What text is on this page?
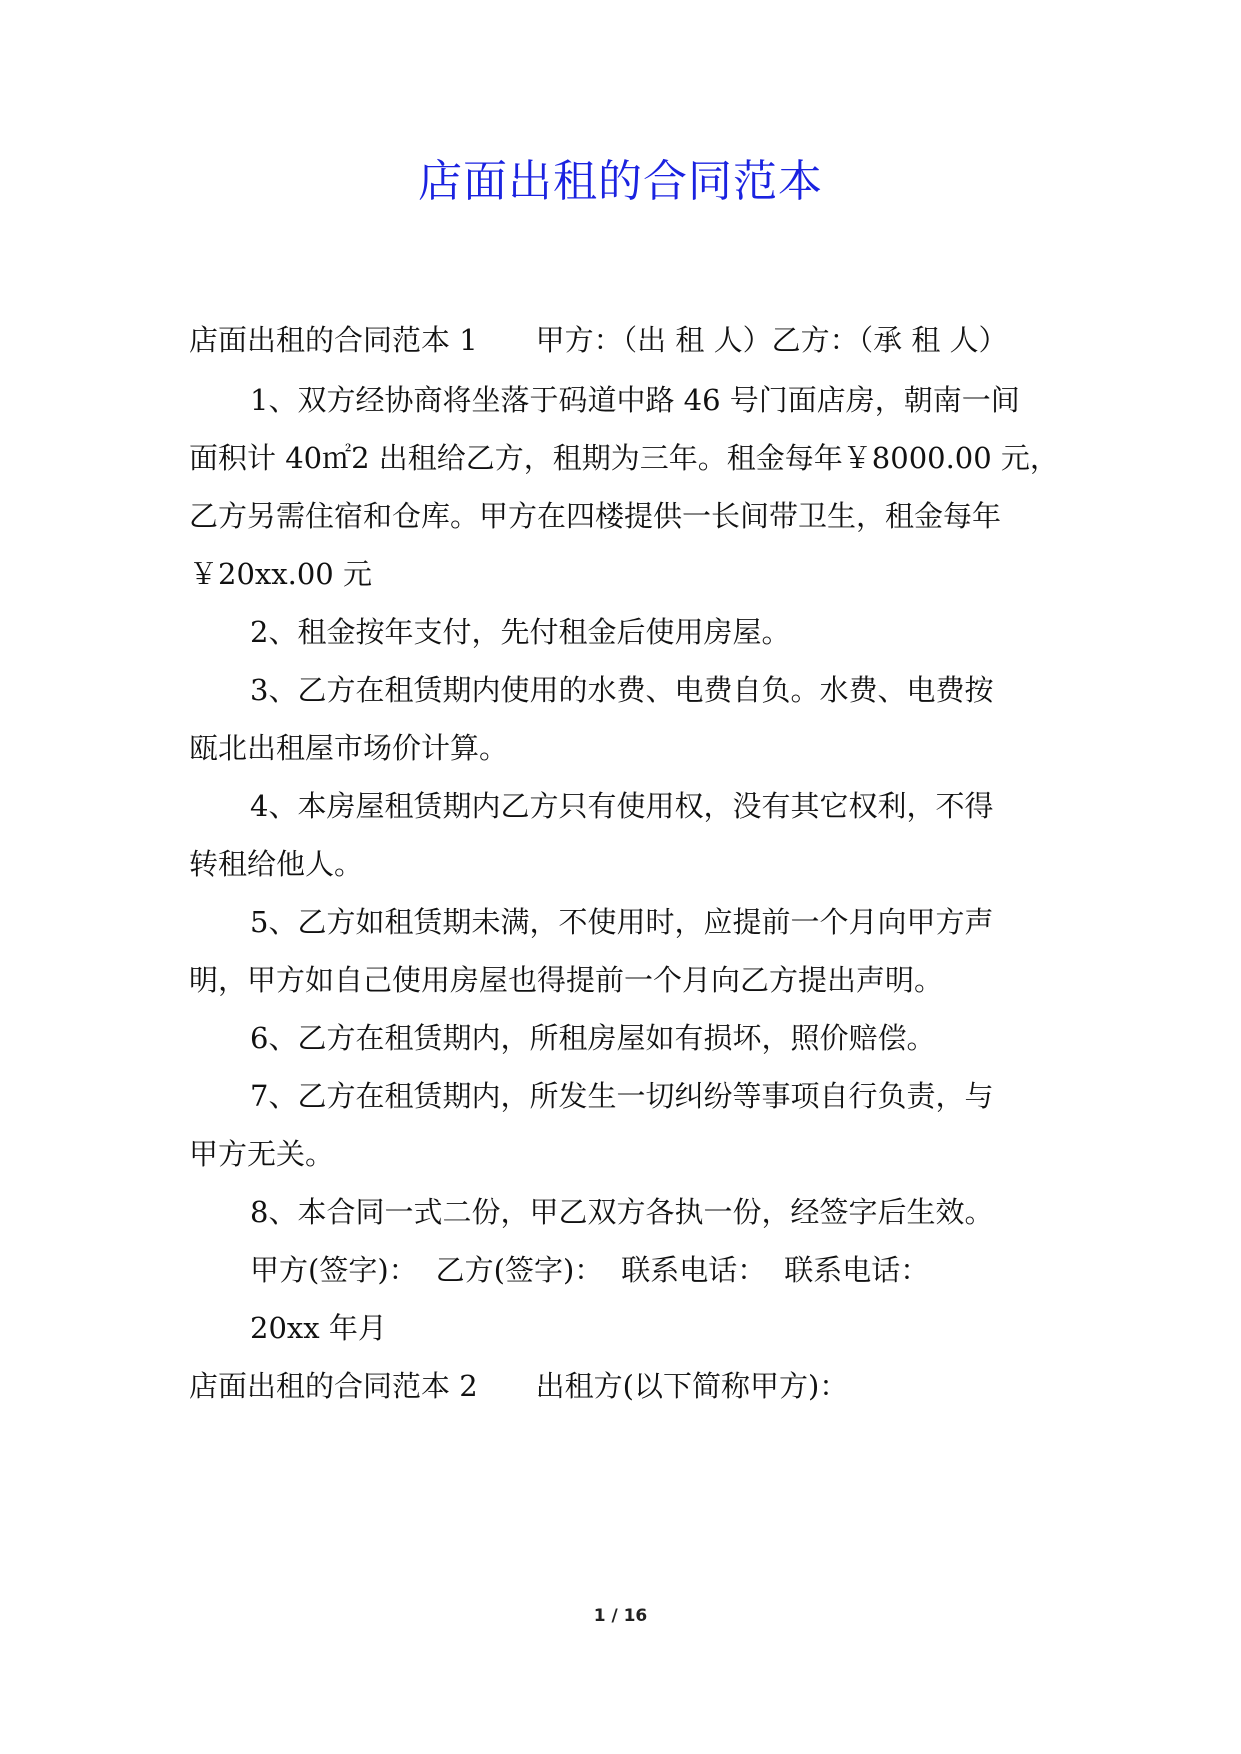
店面出租的合同范本
店面出租的合同范本 1 甲方：（出 租 人）乙方：（承 租 人）
1、双方经协商将坐落于码道中路 46 号门面店房，朝南一间
面积计 40㎡2 出租给乙方，租期为三年。租金每年￥8000.00 元，
乙方另需住宿和仓库。甲方在四楼提供一长间带卫生，租金每年
￥20xx.00 元
2、租金按年支付，先付租金后使用房屋。
3、乙方在租赁期内使用的水费、电费自负。水费、电费按
瓯北出租屋市场价计算。
4、本房屋租赁期内乙方只有使用权，没有其它权利，不得
转租给他人。
5、乙方如租赁期未满，不使用时，应提前一个月向甲方声
明，甲方如自己使用房屋也得提前一个月向乙方提出声明。
6、乙方在租赁期内，所租房屋如有损坏，照价赔偿。
7、乙方在租赁期内，所发生一切纠纷等事项自行负责，与
甲方无关。
8、本合同一式二份，甲乙双方各执一份，经签字后生效。
甲方(签字)： 乙方(签字)： 联系电话： 联系电话：
20xx 年月
店面出租的合同范本 2 出租方(以下简称甲方)：
1 / 16
